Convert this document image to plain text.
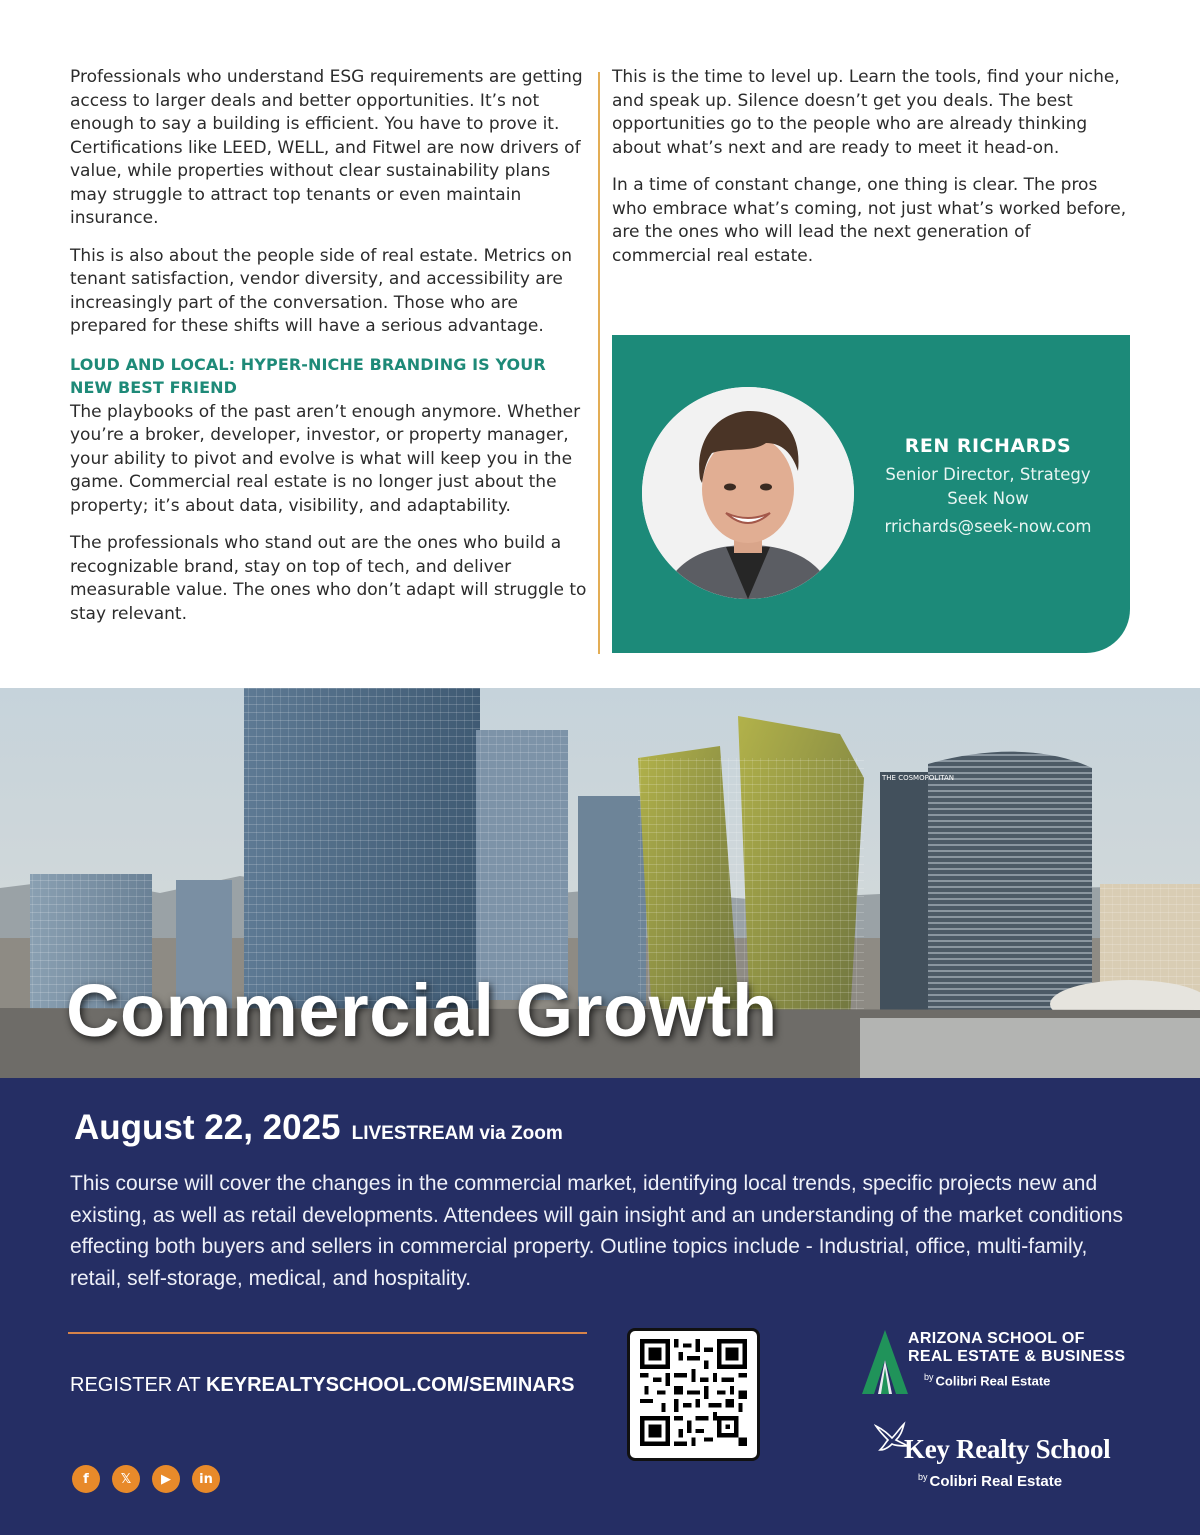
Professionals who understand ESG requirements are getting access to larger deals and better opportunities. It’s not enough to say a building is efficient. You have to prove it. Certifications like LEED, WELL, and Fitwel are now drivers of value, while properties without clear sustainability plans may struggle to attract top tenants or even maintain insurance.

This is also about the people side of real estate. Metrics on tenant satisfaction, vendor diversity, and accessibility are increasingly part of the conversation. Those who are prepared for these shifts will have a serious advantage.

LOUD AND LOCAL: HYPER-NICHE BRANDING IS YOUR NEW BEST FRIEND

The playbooks of the past aren’t enough anymore. Whether you’re a broker, developer, investor, or property manager, your ability to pivot and evolve is what will keep you in the game. Commercial real estate is no longer just about the property; it’s about data, visibility, and adaptability.

The professionals who stand out are the ones who build a recognizable brand, stay on top of tech, and deliver measurable value. The ones who don’t adapt will struggle to stay relevant.

This is the time to level up. Learn the tools, find your niche, and speak up. Silence doesn’t get you deals. The best opportunities go to the people who are already thinking about what’s next and are ready to meet it head-on.

In a time of constant change, one thing is clear. The pros who embrace what’s coming, not just what’s worked before, are the ones who will lead the next generation of commercial real estate.

REN RICHARDS
Senior Director, Strategy
Seek Now
rrichards@seek-now.com
THE COSMOPOLITAN
Commercial Growth
August 22, 2025 LIVESTREAM via Zoom
This course will cover the changes in the commercial market, identifying local trends, specific projects new and existing, as well as retail developments. Attendees will gain insight and an understanding of the market conditions effecting both buyers and sellers in commercial property. Outline topics include - Industrial, office, multi-family, retail, self-storage, medical, and hospitality.
REGISTER AT KEYREALTYSCHOOL.COM/SEMINARS
f	𝕏	▶	in
ARIZONA SCHOOL OF
REAL ESTATE & BUSINESS
$^{by}$ Colibri Real Estate
Key Realty School
$^{by}$ Colibri Real Estate
